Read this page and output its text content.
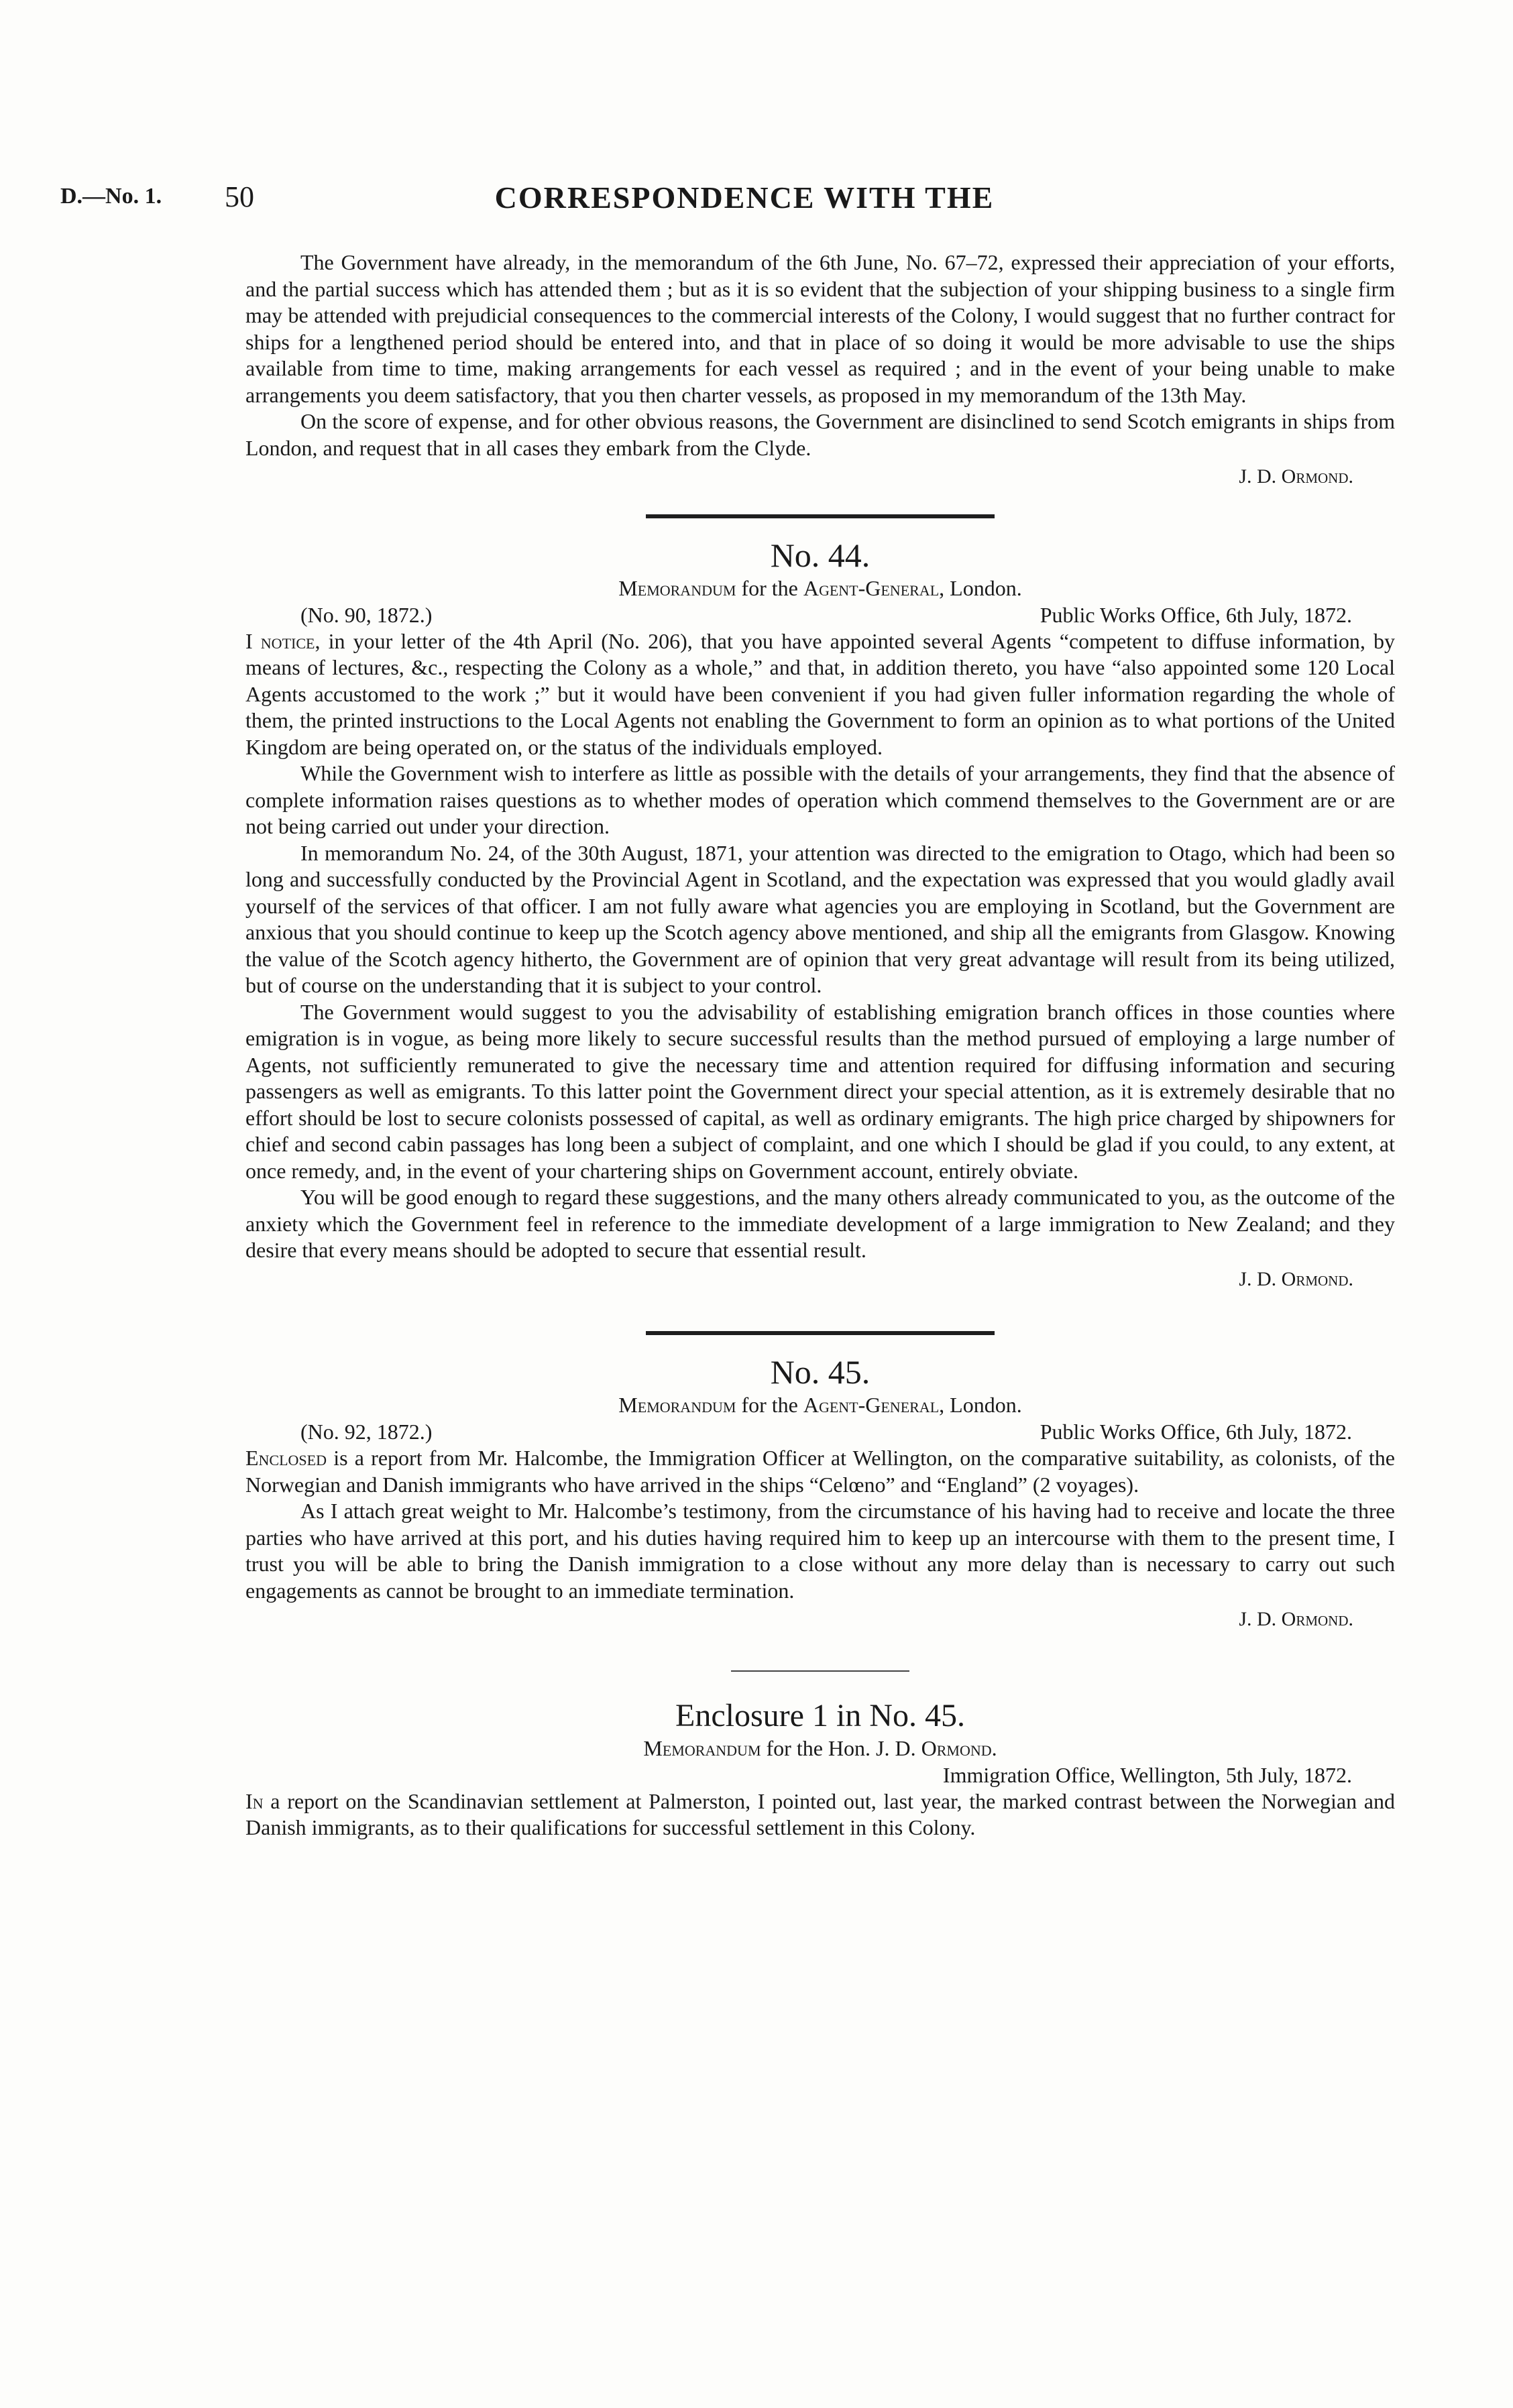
D.—No. 1. 50	CORRESPONDENCE WITH THE

The Government have already, in the memorandum of the 6th June, No. 67–72, expressed their appreciation of your efforts, and the partial success which has attended them ; but as it is so evident that the subjection of your shipping business to a single firm may be attended with prejudicial consequences to the commercial interests of the Colony, I would suggest that no further contract for ships for a lengthened period should be entered into, and that in place of so doing it would be more advisable to use the ships available from time to time, making arrangements for each vessel as required ; and in the event of your being unable to make arrangements you deem satisfactory, that you then charter vessels, as proposed in my memorandum of the 13th May.

On the score of expense, and for other obvious reasons, the Government are disinclined to send Scotch emigrants in ships from London, and request that in all cases they embark from the Clyde.

J. D. Ormond.
No. 44.
Memorandum for the Agent-General, London.
(No. 90, 1872.)	Public Works Office, 6th July, 1872.

I notice, in your letter of the 4th April (No. 206), that you have appointed several Agents “competent to diffuse information, by means of lectures, &c., respecting the Colony as a whole,” and that, in addition thereto, you have “also appointed some 120 Local Agents accustomed to the work ;” but it would have been convenient if you had given fuller information regarding the whole of them, the printed instructions to the Local Agents not enabling the Government to form an opinion as to what portions of the United Kingdom are being operated on, or the status of the individuals employed.

While the Government wish to interfere as little as possible with the details of your arrangements, they find that the absence of complete information raises questions as to whether modes of operation which commend themselves to the Government are or are not being carried out under your direction.

In memorandum No. 24, of the 30th August, 1871, your attention was directed to the emigration to Otago, which had been so long and successfully conducted by the Provincial Agent in Scotland, and the expectation was expressed that you would gladly avail yourself of the services of that officer. I am not fully aware what agencies you are employing in Scotland, but the Government are anxious that you should continue to keep up the Scotch agency above mentioned, and ship all the emigrants from Glasgow. Knowing the value of the Scotch agency hitherto, the Government are of opinion that very great advantage will result from its being utilized, but of course on the understanding that it is subject to your control.

The Government would suggest to you the advisability of establishing emigration branch offices in those counties where emigration is in vogue, as being more likely to secure successful results than the method pursued of employing a large number of Agents, not sufficiently remunerated to give the necessary time and attention required for diffusing information and securing passengers as well as emigrants. To this latter point the Government direct your special attention, as it is extremely desirable that no effort should be lost to secure colonists possessed of capital, as well as ordinary emigrants. The high price charged by shipowners for chief and second cabin passages has long been a subject of complaint, and one which I should be glad if you could, to any extent, at once remedy, and, in the event of your chartering ships on Government account, entirely obviate.

You will be good enough to regard these suggestions, and the many others already communicated to you, as the outcome of the anxiety which the Government feel in reference to the immediate development of a large immigration to New Zealand; and they desire that every means should be adopted to secure that essential result.

J. D. Ormond.
No. 45.
Memorandum for the Agent-General, London.
(No. 92, 1872.)	Public Works Office, 6th July, 1872.

Enclosed is a report from Mr. Halcombe, the Immigration Officer at Wellington, on the comparative suitability, as colonists, of the Norwegian and Danish immigrants who have arrived in the ships “Celœno” and “England” (2 voyages).

As I attach great weight to Mr. Halcombe’s testimony, from the circumstance of his having had to receive and locate the three parties who have arrived at this port, and his duties having required him to keep up an intercourse with them to the present time, I trust you will be able to bring the Danish immigration to a close without any more delay than is necessary to carry out such engagements as cannot be brought to an immediate termination.

J. D. Ormond.
Enclosure 1 in No. 45.
Memorandum for the Hon. J. D. Ormond.
Immigration Office, Wellington, 5th July, 1872.

In a report on the Scandinavian settlement at Palmerston, I pointed out, last year, the marked contrast between the Norwegian and Danish immigrants, as to their qualifications for successful settlement in this Colony.
